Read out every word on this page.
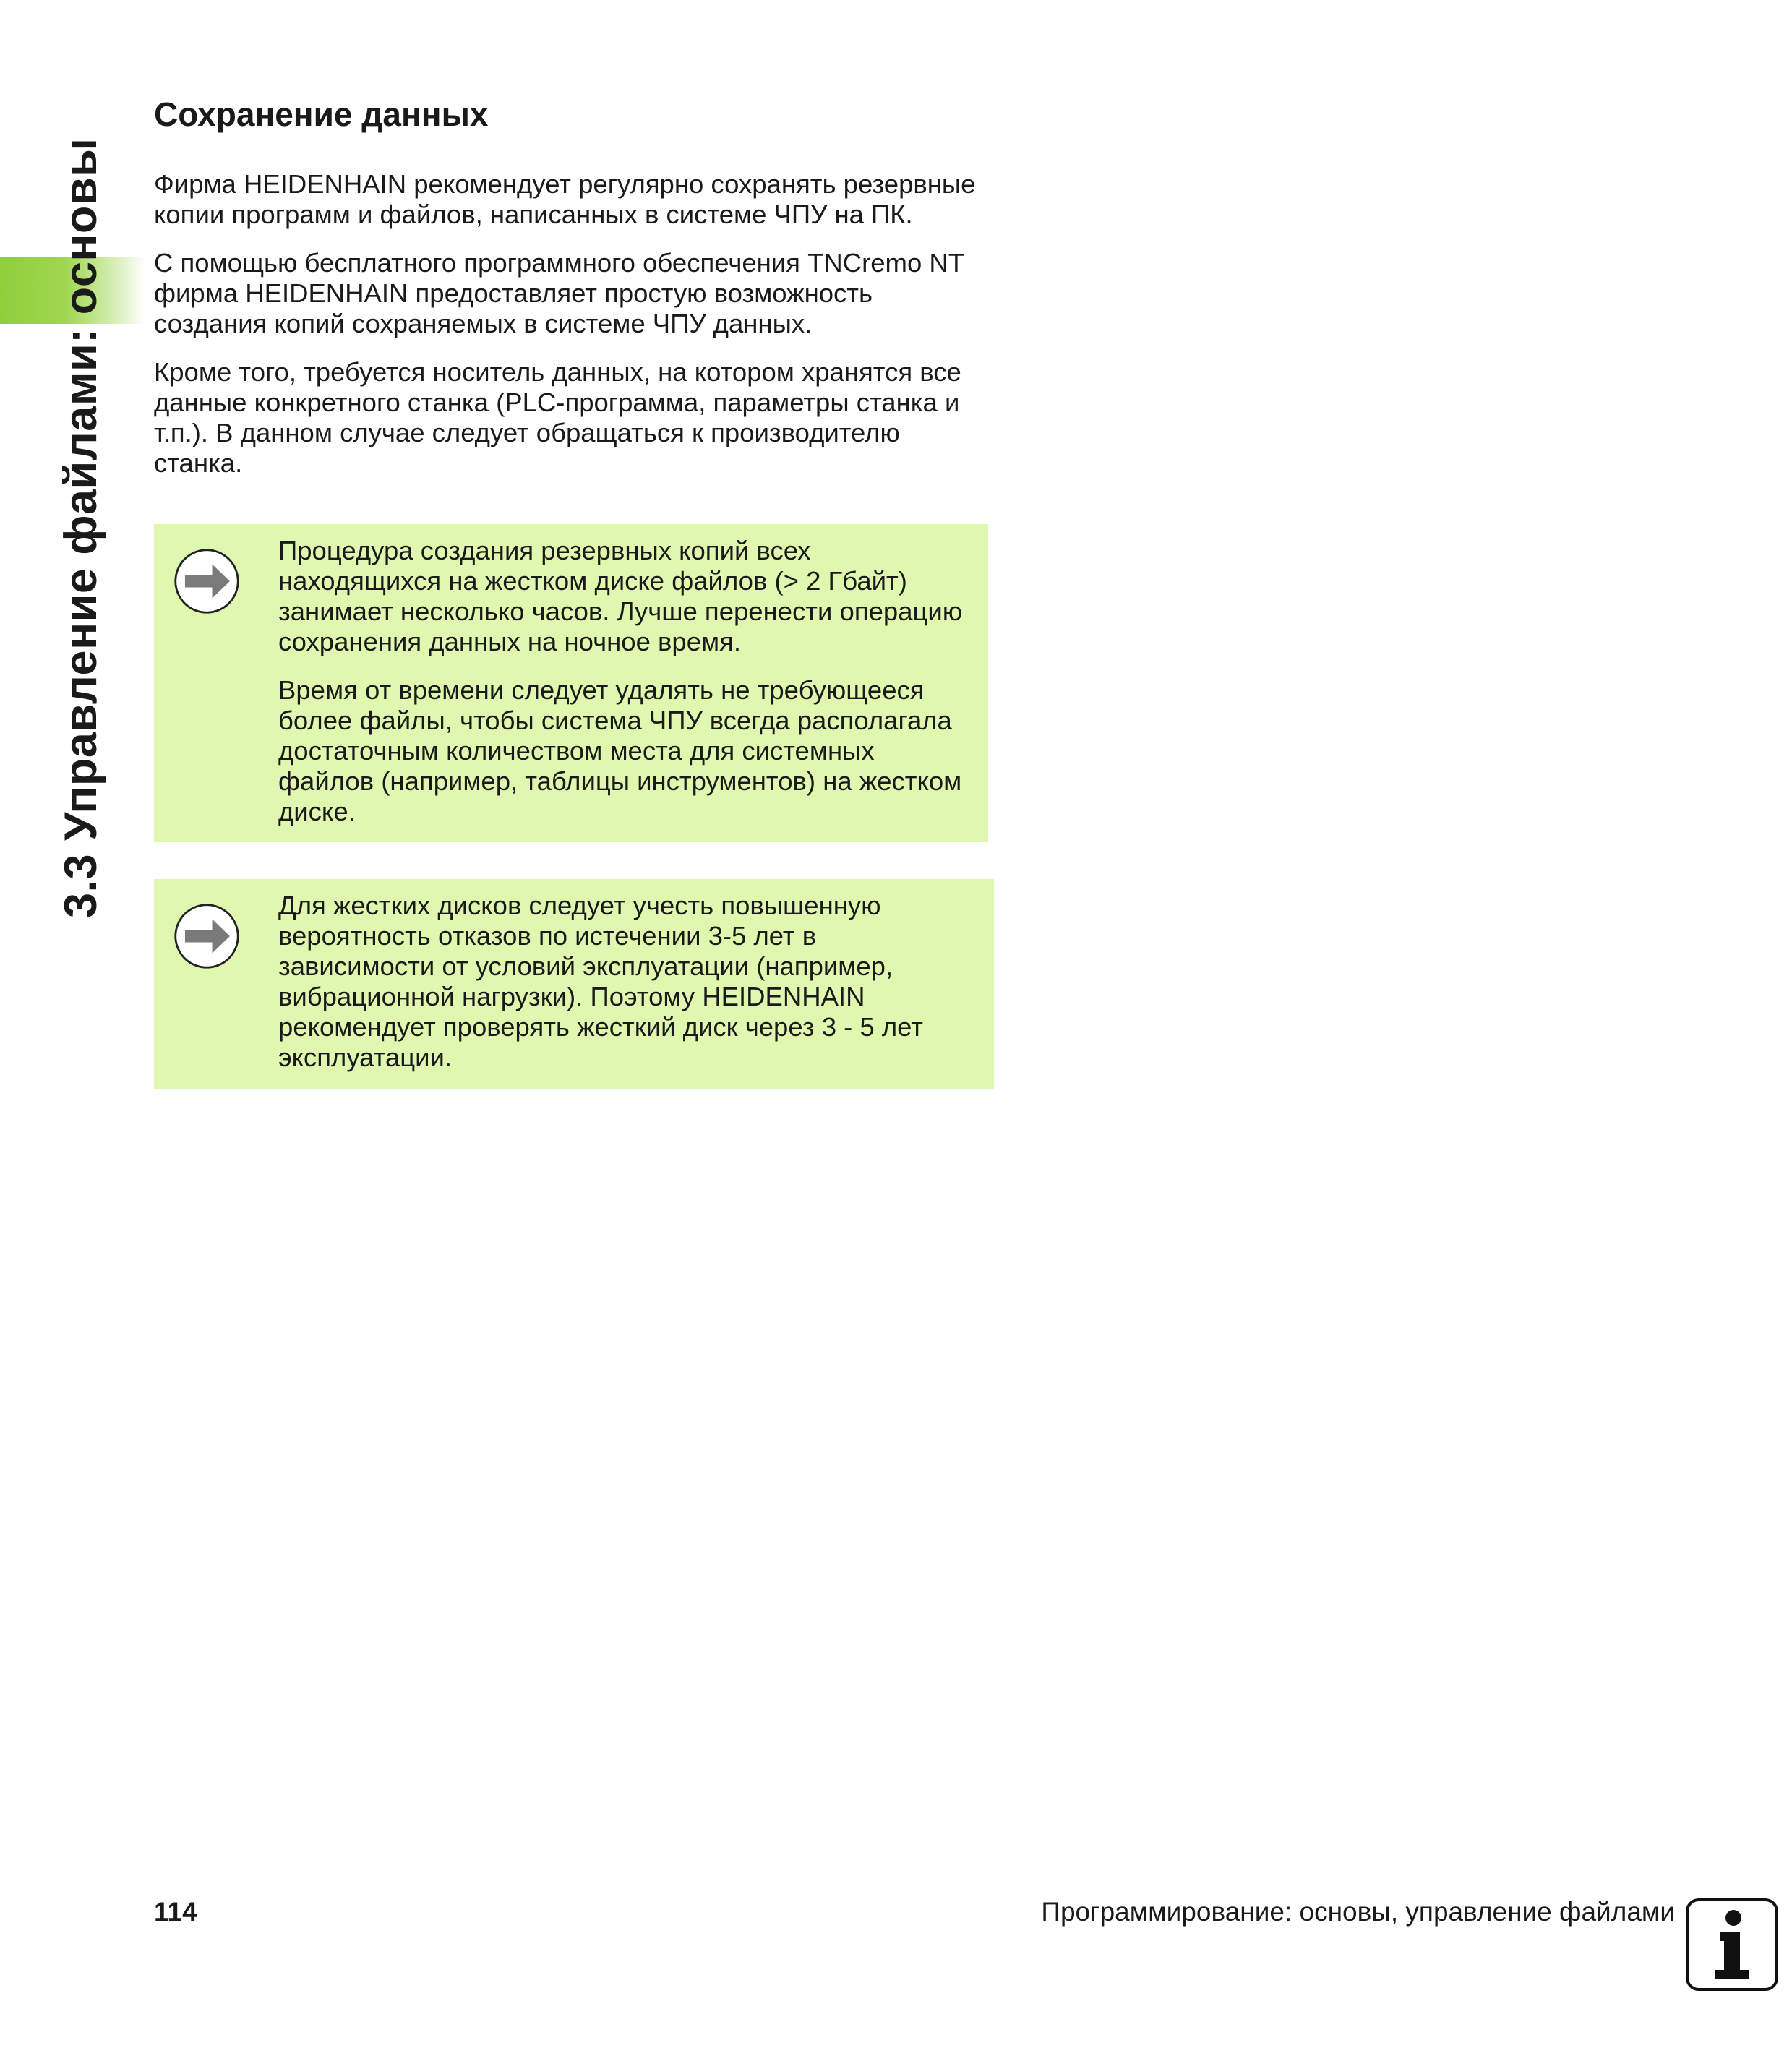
3.3 Управление файлами: основы
Сохранение данных

Фирма HEIDENHAIN рекомендует регулярно сохранять резервные копии программ и файлов, написанных в системе ЧПУ на ПК.

С помощью бесплатного программного обеспечения TNCremo NT фирма HEIDENHAIN предоставляет простую возможность создания копий сохраняемых в системе ЧПУ данных.

Кроме того, требуется носитель данных, на котором хранятся все данные конкретного станка (PLC-программа, параметры станка и т.п.). В данном случае следует обращаться к производителю станка.

Процедура создания резервных копий всех находящихся на жестком диске файлов (> 2 Гбайт) занимает несколько часов. Лучше перенести операцию сохранения данных на ночное время.

Время от времени следует удалять не требующееся более файлы, чтобы система ЧПУ всегда располагала достаточным количеством места для системных файлов (например, таблицы инструментов) на жестком диске.

Для жестких дисков следует учесть повышенную вероятность отказов по истечении 3-5 лет в зависимости от условий эксплуатации (например, вибрационной нагрузки). Поэтому HEIDENHAIN рекомендует проверять жесткий диск через 3 - 5 лет эксплуатации.

114	Программирование: основы, управление файлами
